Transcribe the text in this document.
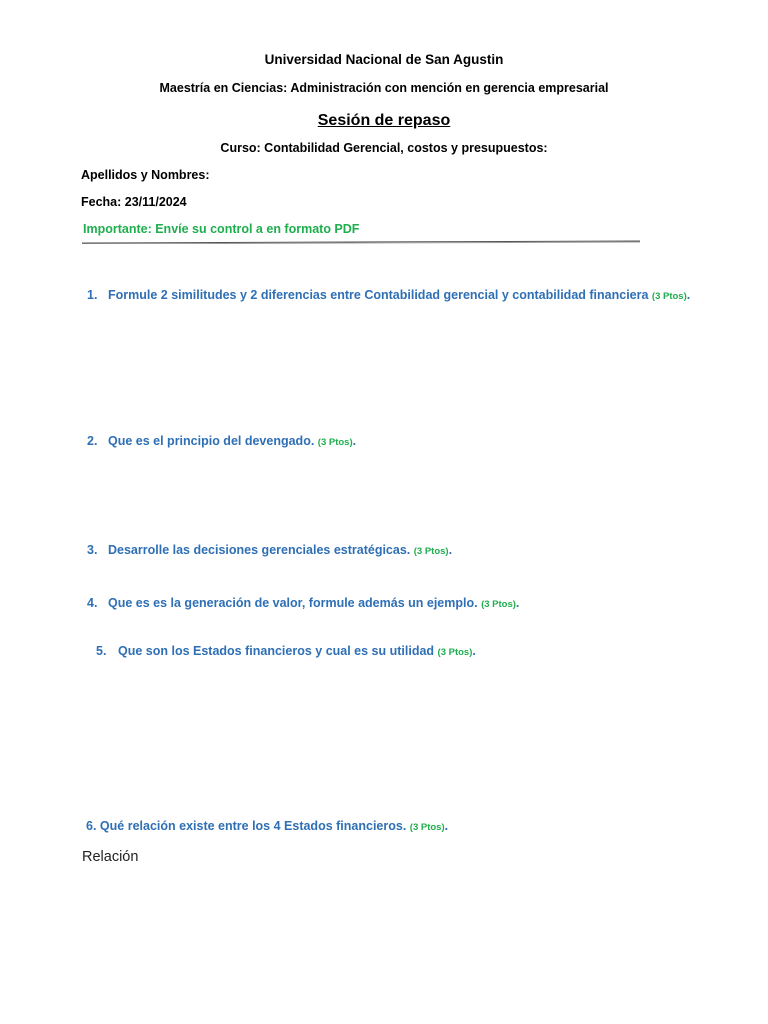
Universidad Nacional de San Agustin
Maestría en Ciencias: Administración con mención en gerencia empresarial
Sesión de repaso
Curso: Contabilidad Gerencial, costos y presupuestos:
Apellidos y Nombres:
Fecha: 23/11/2024
Importante: Envíe su control a en formato PDF
1. Formule 2 similitudes y 2 diferencias entre Contabilidad gerencial y contabilidad financiera (3 Ptos).
2. Que es el principio del devengado. (3 Ptos).
3. Desarrolle las decisiones gerenciales estratégicas. (3 Ptos).
4. Que es es la generación de valor, formule además un ejemplo. (3 Ptos).
5. Que son los Estados financieros y cual es su utilidad (3 Ptos).
6. Qué relación existe entre los 4 Estados financieros. (3 Ptos).
Relación
